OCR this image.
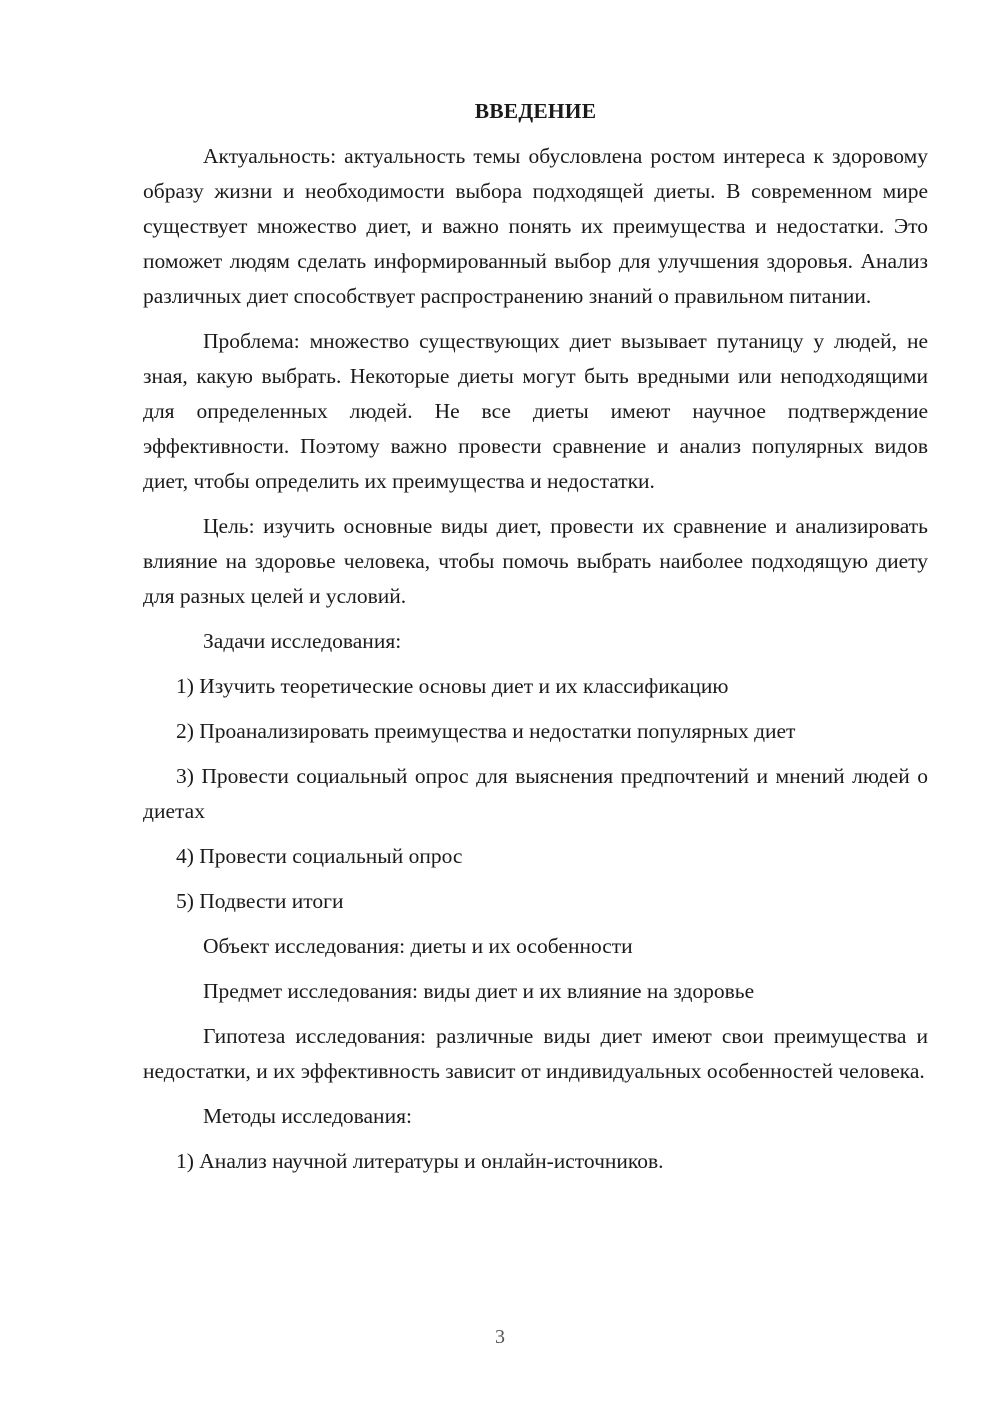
ВВЕДЕНИЕ

Актуальность: актуальность темы обусловлена ростом интереса к здоровому образу жизни и необходимости выбора подходящей диеты. В современном мире существует множество диет, и важно понять их преимущества и недостатки. Это поможет людям сделать информированный выбор для улучшения здоровья. Анализ различных диет способствует распространению знаний о правильном питании.

Проблема: множество существующих диет вызывает путаницу у людей, не зная, какую выбрать. Некоторые диеты могут быть вредными или неподходящими для определенных людей. Не все диеты имеют научное подтверждение эффективности. Поэтому важно провести сравнение и анализ популярных видов диет, чтобы определить их преимущества и недостатки.

Цель: изучить основные виды диет, провести их сравнение и анализировать влияние на здоровье человека, чтобы помочь выбрать наиболее подходящую диету для разных целей и условий.

Задачи исследования:

1) Изучить теоретические основы диет и их классификацию

2) Проанализировать преимущества и недостатки популярных диет

3) Провести социальный опрос для выяснения предпочтений и мнений людей о диетах

4) Провести социальный опрос

5) Подвести итоги

Объект исследования: диеты и их особенности

Предмет исследования: виды диет и их влияние на здоровье

Гипотеза исследования: различные виды диет имеют свои преимущества и недостатки, и их эффективность зависит от индивидуальных особенностей человека.

Методы исследования:

1) Анализ научной литературы и онлайн-источников.

3
